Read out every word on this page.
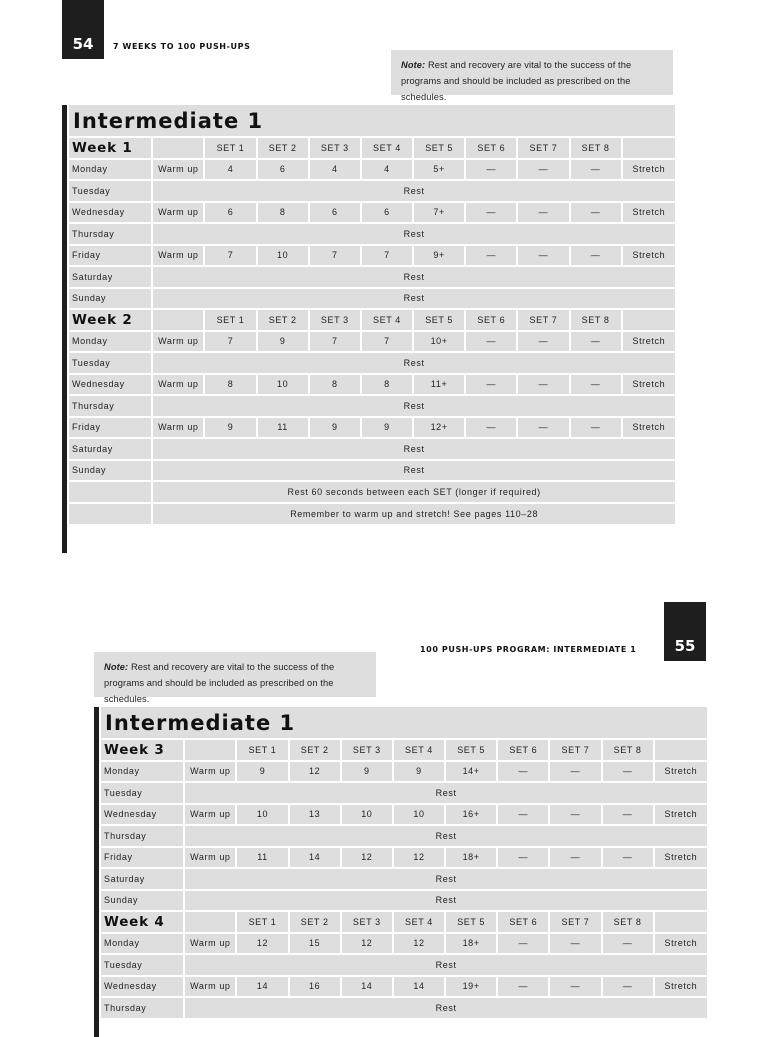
54 7 WEEKS TO 100 PUSH-UPS
Note: Rest and recovery are vital to the success of the programs and should be included as prescribed on the schedules.
Intermediate 1										
Week 1		SET 1	SET 2	SET 3	SET 4	SET 5	SET 6	SET 7	SET 8	
Monday	Warm up	4	6	4	4	5+	—	—	—	Stretch
Tuesday	Rest									
Wednesday	Warm up	6	8	6	6	7+	—	—	—	Stretch
Thursday	Rest									
Friday	Warm up	7	10	7	7	9+	—	—	—	Stretch
Saturday	Rest									
Sunday	Rest									
Week 2		SET 1	SET 2	SET 3	SET 4	SET 5	SET 6	SET 7	SET 8	
Monday	Warm up	7	9	7	7	10+	—	—	—	Stretch
Tuesday	Rest									
Wednesday	Warm up	8	10	8	8	11+	—	—	—	Stretch
Thursday	Rest									
Friday	Warm up	9	11	9	9	12+	—	—	—	Stretch
Saturday	Rest									
Sunday	Rest									
	Rest 60 seconds between each SET (longer if required)									
	Remember to warm up and stretch! See pages 110–28									
100 PUSH-UPS PROGRAM: INTERMEDIATE 1	55
Note: Rest and recovery are vital to the success of the programs and should be included as prescribed on the schedules.
Intermediate 1										
Week 3		SET 1	SET 2	SET 3	SET 4	SET 5	SET 6	SET 7	SET 8	
Monday	Warm up	9	12	9	9	14+	—	—	—	Stretch
Tuesday	Rest									
Wednesday	Warm up	10	13	10	10	16+	—	—	—	Stretch
Thursday	Rest									
Friday	Warm up	11	14	12	12	18+	—	—	—	Stretch
Saturday	Rest									
Sunday	Rest									
Week 4		SET 1	SET 2	SET 3	SET 4	SET 5	SET 6	SET 7	SET 8	
Monday	Warm up	12	15	12	12	18+	—	—	—	Stretch
Tuesday	Rest									
Wednesday	Warm up	14	16	14	14	19+	—	—	—	Stretch
Thursday	Rest									
